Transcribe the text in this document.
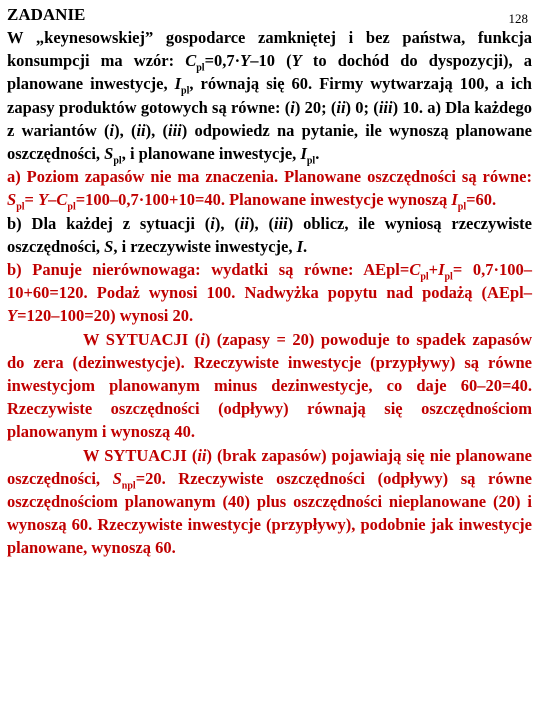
ZADANIE	128

W „keynesowskiej” gospodarce zamkniętej i bez państwa, funkcja konsumpcji ma wzór: $C_{pl}=0,7\cdot Y-10$ (Y to dochód do dyspozycji), a planowane inwestycje, $I_{pl}$, równają się 60. Firmy wytwarzają 100, a ich zapasy produktów gotowych są równe: (i) 20; (ii) 0; (iii) 10. a) Dla każdego z wariantów (i), (ii), (iii) odpowiedz na pytanie, ile wynoszą planowane oszczędności, $S_{pl}$, i planowane inwestycje, $I_{pl}$.

a) Poziom zapasów nie ma znaczenia. Planowane oszczędności są równe: $S_{pl}= Y-C_{pl}=100-0,7\cdot 100+10=40$. Planowane inwestycje wynoszą $I_{pl}=60$.

b) Dla każdej z sytuacji (i), (ii), (iii) oblicz, ile wyniosą rzeczywiste oszczędności, S, i rzeczywiste inwestycje, I.

b) Panuje nierównowaga: wydatki są równe: $AEpl=C_{pl}+I_{pl}= 0,7\cdot 100-10+60=120$. Podaż wynosi 100. Nadwyżka popytu nad podażą (AEpl–Y=120–100=20) wynosi 20.

W SYTUACJI (i) (zapasy = 20) powoduje to spadek zapasów do zera (dezinwestycje). Rzeczywiste inwestycje (przypływy) są równe inwestycjom planowanym minus dezinwestycje, co daje 60–20=40. Rzeczywiste oszczędności (odpływy) równają się oszczędnościom planowanym i wynoszą 40.

W SYTUACJI (ii) (brak zapasów) pojawiają się nie planowane oszczędności, $S_{npl}=20$. Rzeczywiste oszczędności (odpływy) są równe oszczędnościom planowanym (40) plus oszczędności nieplanowane (20) i wynoszą 60. Rzeczywiste inwestycje (przypływy), podobnie jak inwestycje planowane, wynoszą 60.
